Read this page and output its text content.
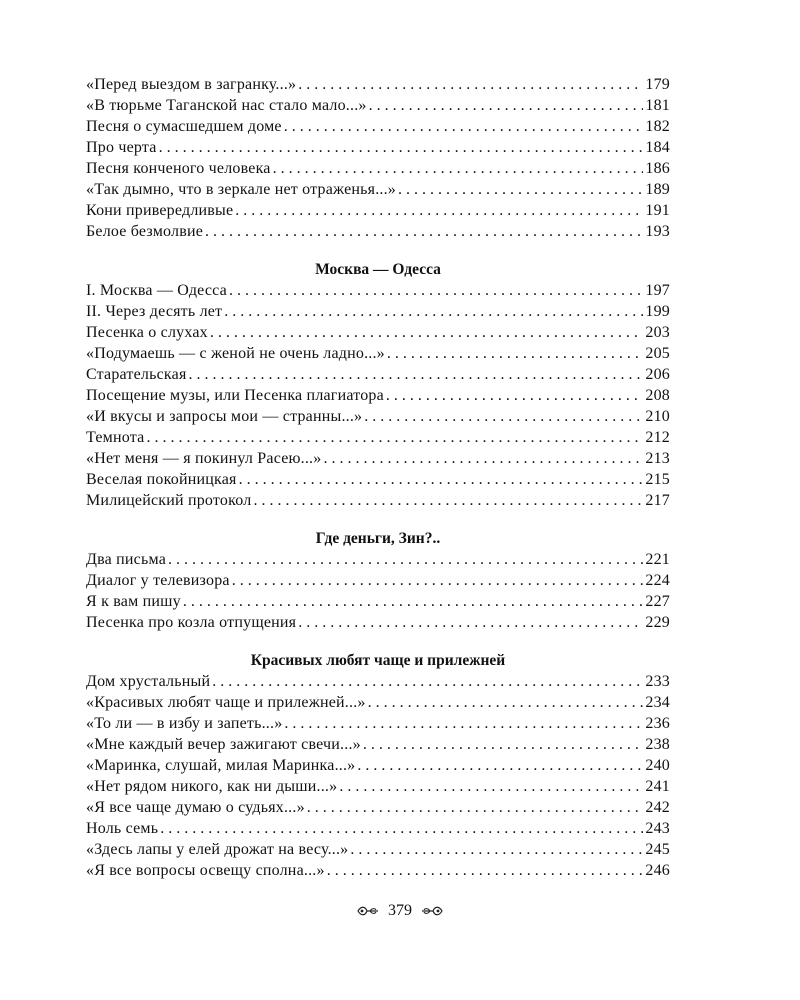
«Перед выездом в загранку...» . . .	179
«В тюрьме Таганской нас стало мало...» . . .	181
Песня о сумасшедшем доме . . .	182
Про черта . . .	184
Песня конченого человека . . .	186
«Так дымно, что в зеркале нет отраженья...» . . .	189
Кони привередливые . . .	191
Белое безмолвие . . .	193
Москва — Одесса
I. Москва — Одесса . . .	197
II. Через десять лет . . .	199
Песенка о слухах . . .	203
«Подумаешь — с женой не очень ладно...» . . .	205
Старательская . . .	206
Посещение музы, или Песенка плагиатора . . .	208
«И вкусы и запросы мои — странны...» . . .	210
Темнота . . .	212
«Нет меня — я покинул Расею...» . . .	213
Веселая покойницкая . . .	215
Милицейский протокол . . .	217
Где деньги, Зин?..
Два письма . . .	221
Диалог у телевизора . . .	224
Я к вам пишу . . .	227
Песенка про козла отпущения . . .	229
Красивых любят чаще и прилежней
Дом хрустальный . . .	233
«Красивых любят чаще и прилежней...» . . .	234
«То ли — в избу и запеть...» . . .	236
«Мне каждый вечер зажигают свечи...» . . .	238
«Маринка, слушай, милая Маринка...» . . .	240
«Нет рядом никого, как ни дыши...» . . .	241
«Я все чаще думаю о судьях...» . . .	242
Ноль семь . . .	243
«Здесь лапы у елей дрожат на весу...» . . .	245
«Я все вопросы освещу сполна...» . . .	246
379
